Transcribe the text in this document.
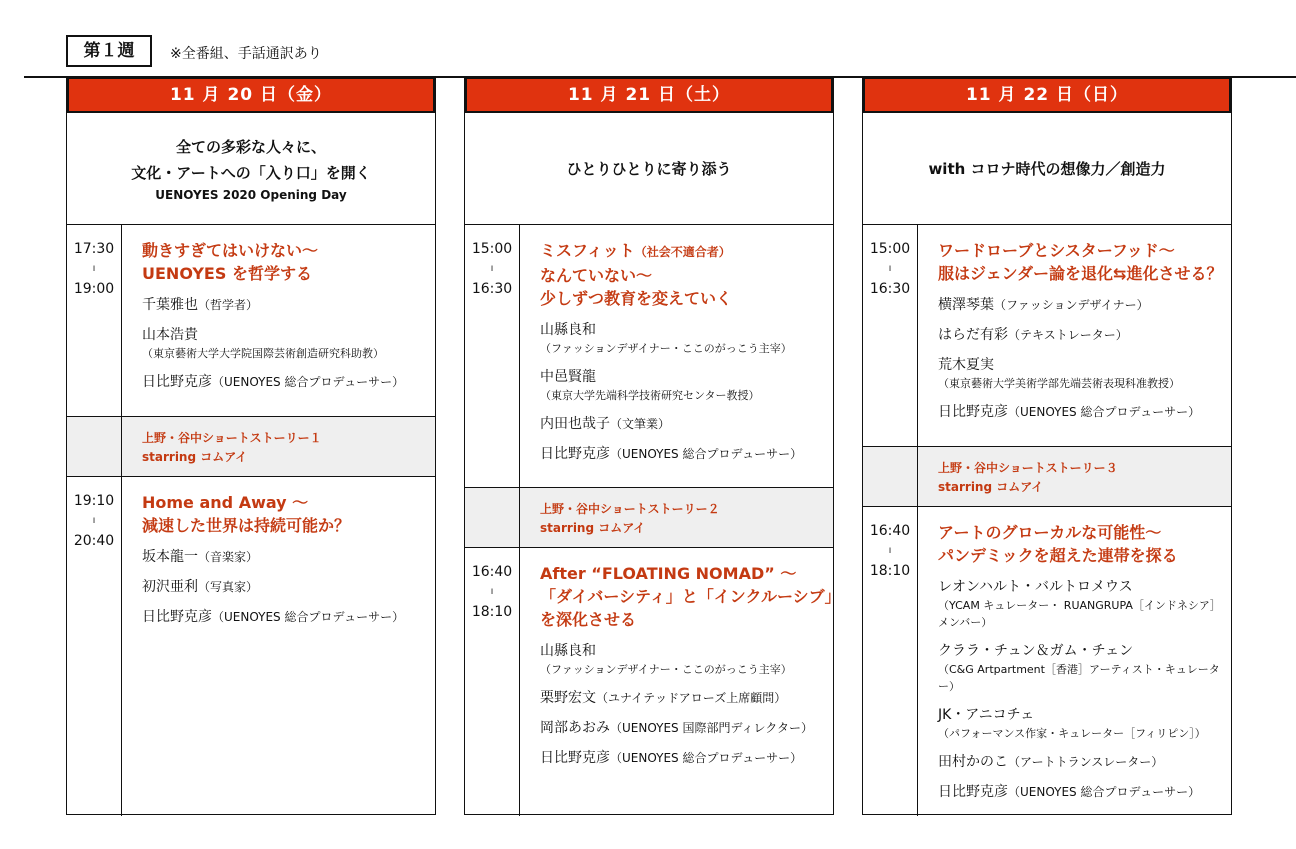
第１週	※全番組、手話通訳あり
11 月 20 日（金）
全ての多彩な人々に、
文化・アートへの「入り口」を開く
UENOYES 2020 Opening Day
17:30
ı
19:00
動きすぎてはいけない～
UENOYES を哲学する
千葉雅也（哲学者）
山本浩貴
（東京藝術大学大学院国際芸術創造研究科助教）
日比野克彦（UENOYES 総合プロデューサー）
上野・谷中ショートストーリー１
starring コムアイ
19:10
ı
20:40
Home and Away ～
減速した世界は持続可能か？
坂本龍一（音楽家）
初沢亜利（写真家）
日比野克彦（UENOYES 総合プロデューサー）
11 月 21 日（土）
ひとりひとりに寄り添う
15:00
ı
16:30
ミスフィット（社会不適合者）
なんていない～
少しずつ教育を変えていく
山縣良和
（ファッションデザイナー・ここのがっこう主宰）
中邑賢龍
（東京大学先端科学技術研究センター教授）
内田也哉子（文筆業）
日比野克彦（UENOYES 総合プロデューサー）
上野・谷中ショートストーリー２
starring コムアイ
16:40
ı
18:10
After “FLOATING NOMAD” ～
「ダイバーシティ」と「インクルーシブ」
を深化させる
山縣良和
（ファッションデザイナー・ここのがっこう主宰）
栗野宏文（ユナイテッドアローズ上席顧問）
岡部あおみ（UENOYES 国際部門ディレクター）
日比野克彦（UENOYES 総合プロデューサー）
11 月 22 日（日）
with コロナ時代の想像力／創造力
15:00
ı
16:30
ワードローブとシスターフッド～
服はジェンダー論を退化⇆進化させる？
横澤琴葉（ファッションデザイナー）
はらだ有彩（テキストレーター）
荒木夏実
（東京藝術大学美術学部先端芸術表現科准教授）
日比野克彦（UENOYES 総合プロデューサー）
上野・谷中ショートストーリー３
starring コムアイ
16:40
ı
18:10
アートのグローカルな可能性～
パンデミックを超えた連帯を探る
レオンハルト・バルトロメウス
（YCAM キュレーター・ RUANGRUPA［インドネシア］メンバー）
クララ・チュン＆ガム・チェン
（C&G Artpartment［香港］アーティスト・キュレーター）
JK・アニコチェ
（パフォーマンス作家・キュレーター［フィリピン］）
田村かのこ（アートトランスレーター）
日比野克彦（UENOYES 総合プロデューサー）
